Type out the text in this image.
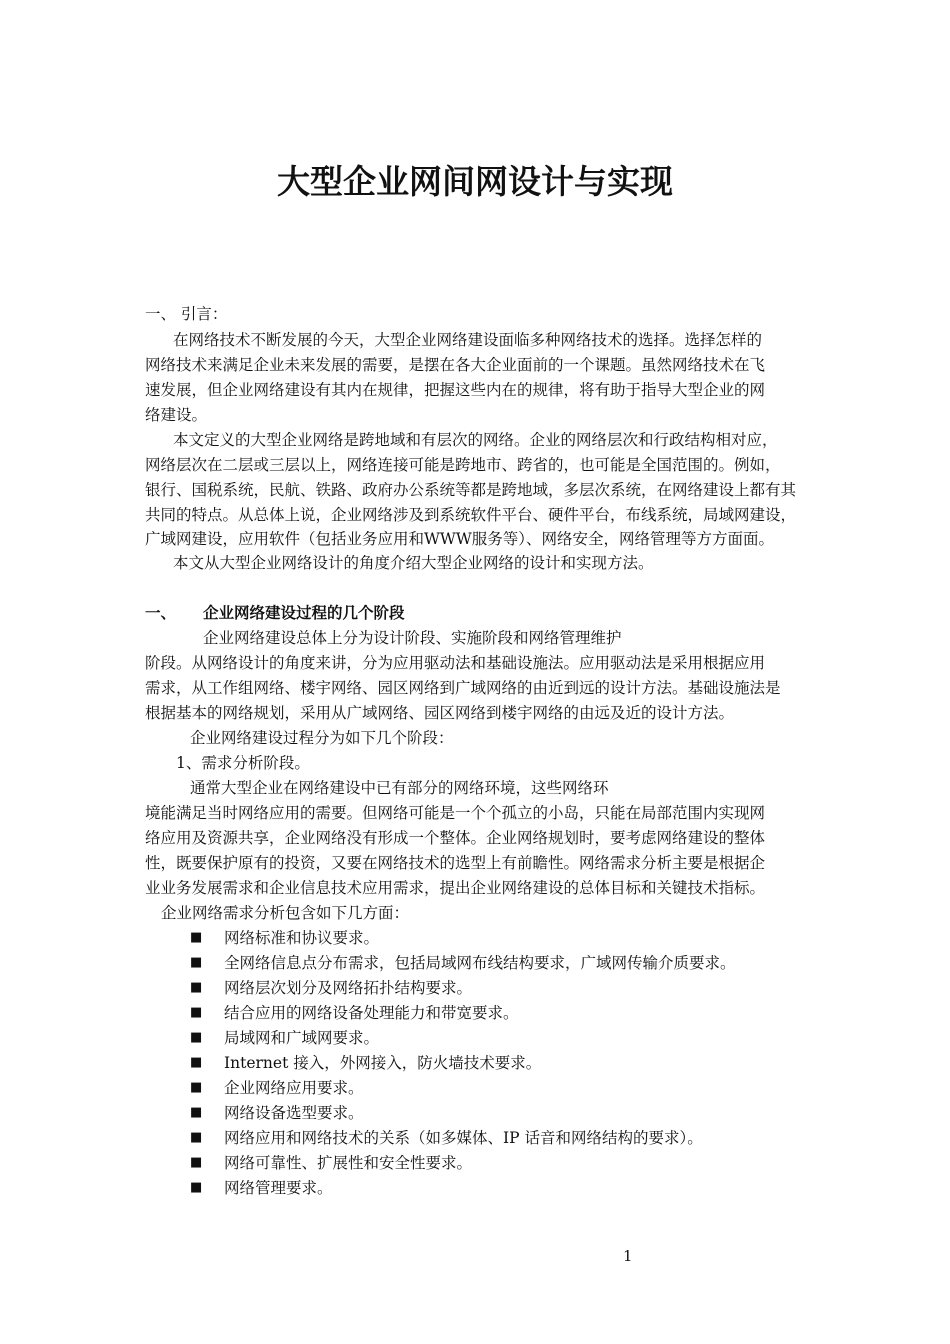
大型企业网间网设计与实现
一、 引言：
在网络技术不断发展的今天，大型企业网络建设面临多种网络技术的选择。选择怎样的
网络技术来满足企业未来发展的需要，是摆在各大企业面前的一个课题。虽然网络技术在飞
速发展，但企业网络建设有其内在规律，把握这些内在的规律，将有助于指导大型企业的网
络建设。
本文定义的大型企业网络是跨地域和有层次的网络。企业的网络层次和行政结构相对应，
网络层次在二层或三层以上，网络连接可能是跨地市、跨省的，也可能是全国范围的。例如，
银行、国税系统，民航、铁路、政府办公系统等都是跨地域，多层次系统，在网络建设上都有其
共同的特点。从总体上说，企业网络涉及到系统软件平台、硬件平台，布线系统，局域网建设，
广域网建设，应用软件（包括业务应用和WWW服务等）、网络安全，网络管理等方方面面。
本文从大型企业网络设计的角度介绍大型企业网络的设计和实现方法。
一、 企业网络建设过程的几个阶段
企业网络建设总体上分为设计阶段、实施阶段和网络管理维护
阶段。从网络设计的角度来讲，分为应用驱动法和基础设施法。应用驱动法是采用根据应用
需求，从工作组网络、楼宇网络、园区网络到广域网络的由近到远的设计方法。基础设施法是
根据基本的网络规划，采用从广域网络、园区网络到楼宇网络的由远及近的设计方法。
企业网络建设过程分为如下几个阶段：
1、需求分析阶段。
通常大型企业在网络建设中已有部分的网络环境，这些网络环
境能满足当时网络应用的需要。但网络可能是一个个孤立的小岛，只能在局部范围内实现网
络应用及资源共享，企业网络没有形成一个整体。企业网络规划时，要考虑网络建设的整体
性，既要保护原有的投资，又要在网络技术的选型上有前瞻性。网络需求分析主要是根据企
业业务发展需求和企业信息技术应用需求，提出企业网络建设的总体目标和关键技术指标。
企业网络需求分析包含如下几方面：
■ 网络标准和协议要求。
■ 全网络信息点分布需求，包括局域网布线结构要求，广域网传输介质要求。
■ 网络层次划分及网络拓扑结构要求。
■ 结合应用的网络设备处理能力和带宽要求。
■ 局域网和广域网要求。
■ Internet 接入，外网接入，防火墙技术要求。
■ 企业网络应用要求。
■ 网络设备选型要求。
■ 网络应用和网络技术的关系（如多媒体、IP 话音和网络结构的要求）。
■ 网络可靠性、扩展性和安全性要求。
■ 网络管理要求。
1
